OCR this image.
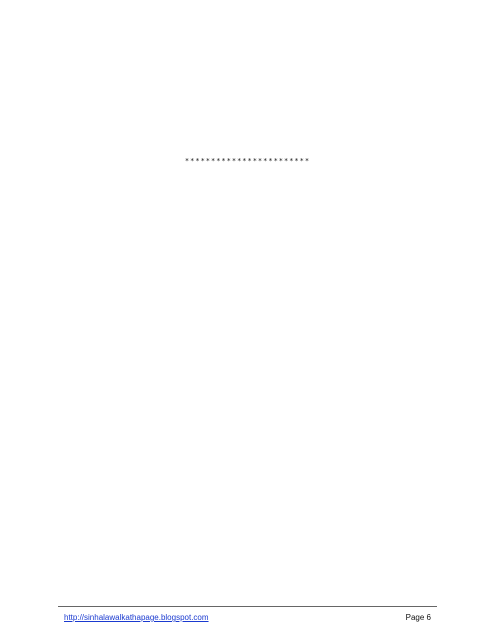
************************

http://sinhalawalkathapage.blogspot.com	Page 6
